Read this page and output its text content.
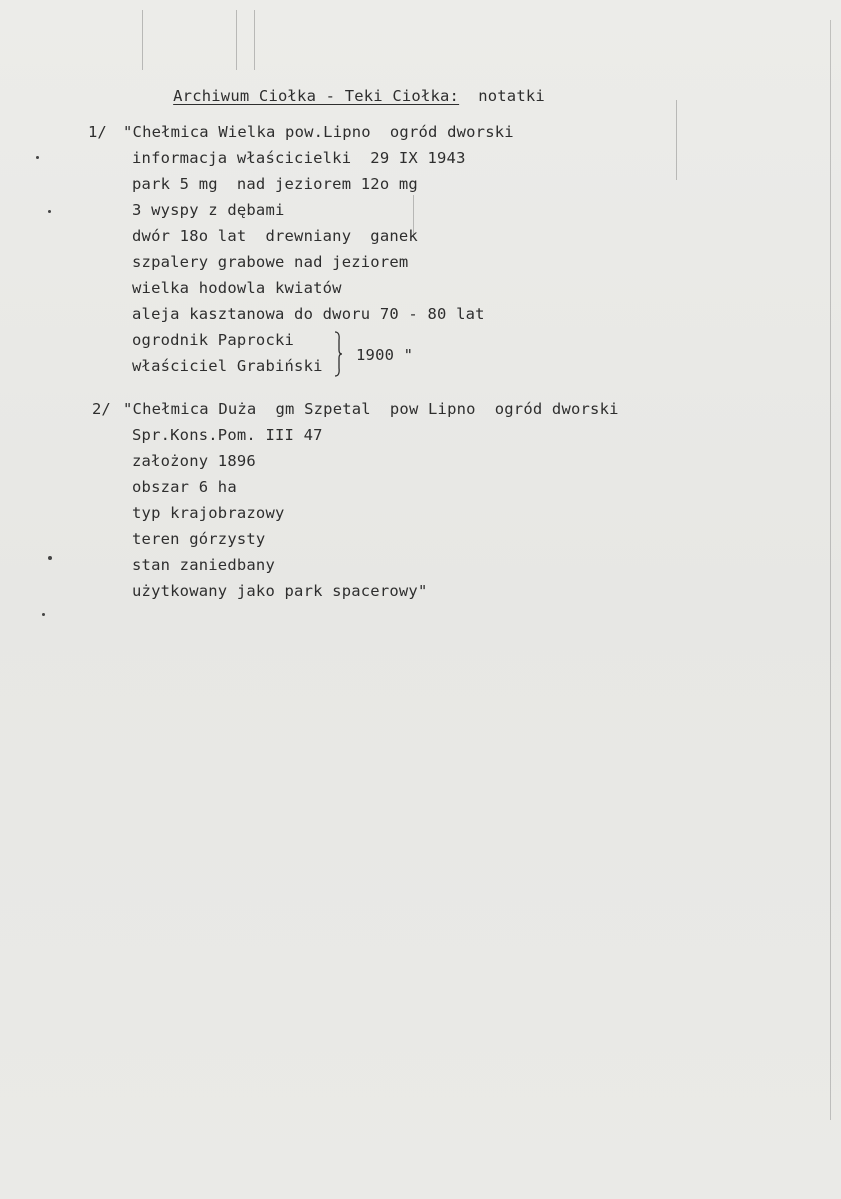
Archiwum Ciołka - Teki Ciołka: notatki

1/ "Chełmica Wielka pow.Lipno  ogród dworski
informacja właścicielki  29 IX 1943
park 5 mg  nad jeziorem 12o mg
3 wyspy z dębami
dwór 18o lat  drewniany  ganek
szpalery grabowe nad jeziorem
wielka hodowla kwiatów
aleja kasztanowa do dworu 70 - 80 lat
ogrodnik Paprocki
właściciel Grabiński
1900 "
2/ "Chełmica Duża  gm Szpetal  pow Lipno  ogród dworski
Spr.Kons.Pom. III 47
założony 1896
obszar 6 ha
typ krajobrazowy
teren górzysty
stan zaniedbany
użytkowany jako park spacerowy"
